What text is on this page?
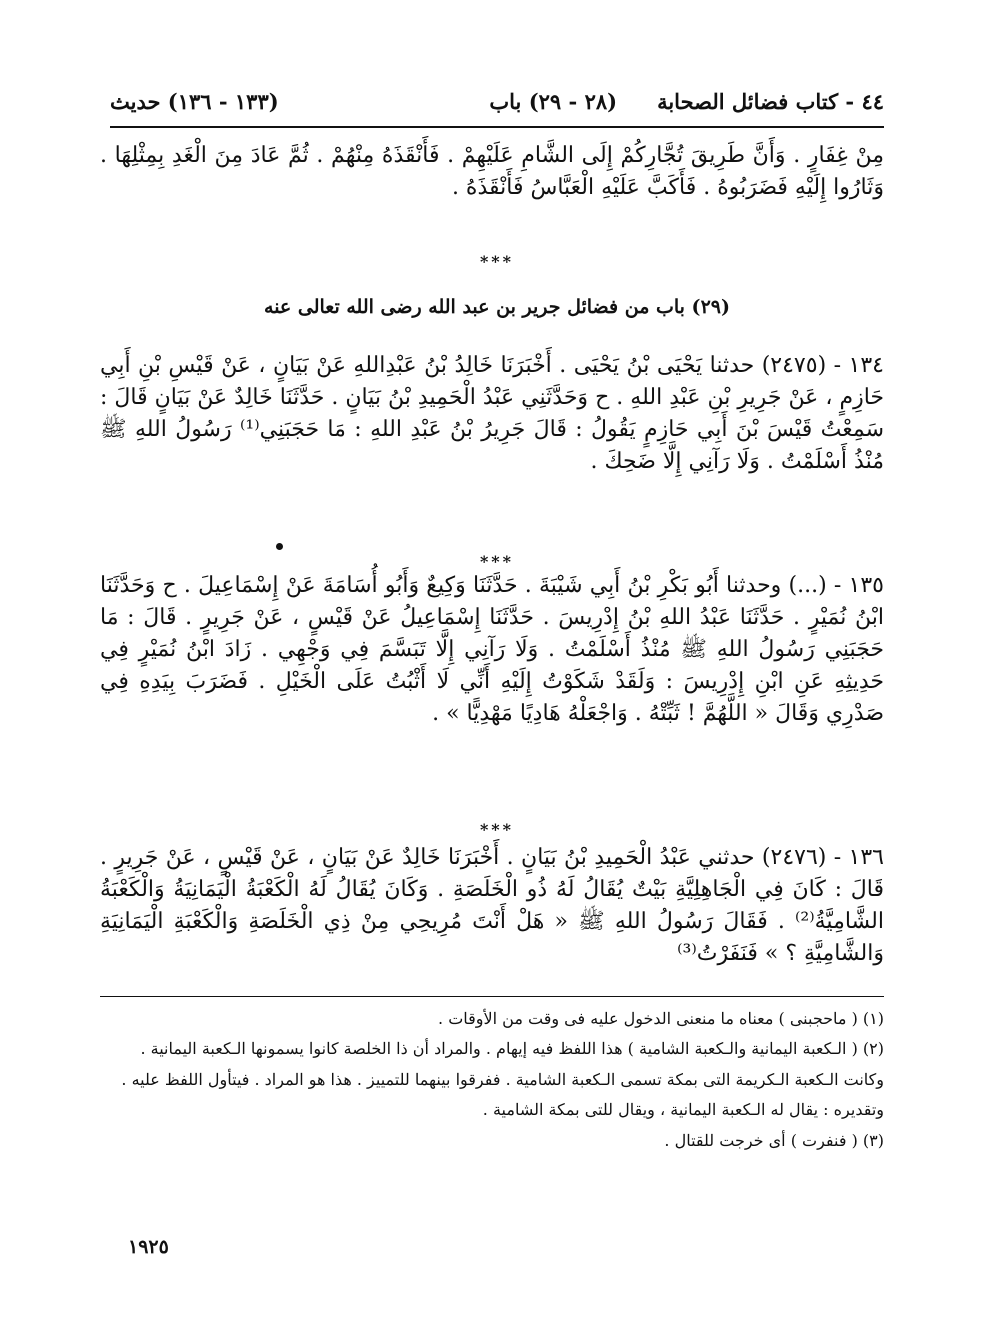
٤٤ - كتاب فضائل الصحابة
(٢٨ - ٢٩) باب
(١٣٣ - ١٣٦) حديث
مِنْ غِفَارٍ . وَأَنَّ طَرِيقَ تُجَّارِكُمْ إِلَى الشَّامِ عَلَيْهِمْ . فَأَنْقَذَهُ مِنْهُمْ . ثُمَّ عَادَ مِنَ الْغَدِ بِمِثْلِهَا . وَثَارُوا إِلَيْهِ فَضَرَبُوهُ . فَأَكَبَّ عَلَيْهِ الْعَبَّاسُ فَأَنْقَذَهُ .
***
(٢٩) باب من فضائل جرير بن عبد الله رضى الله تعالى عنه
١٣٤ - (٢٤٧٥) حدثنا يَحْيَى بْنُ يَحْيَى . أَخْبَرَنَا خَالِدُ بْنُ عَبْدِاللهِ عَنْ بَيَانٍ ، عَنْ قَيْسِ بْنِ أَبِي حَازِمٍ ، عَنْ جَرِيرِ بْنِ عَبْدِ اللهِ . ح وَحَدَّثَنِي عَبْدُ الْحَمِيدِ بْنُ بَيَانٍ . حَدَّثَنَا خَالِدٌ عَنْ بَيَانٍ قَالَ : سَمِعْتُ قَيْسَ بْنَ أَبِي حَازِمٍ يَقُولُ : قَالَ جَرِيرُ بْنُ عَبْدِ اللهِ : مَا حَجَبَنِي⁽¹⁾ رَسُولُ اللهِ ﷺ مُنْذُ أَسْلَمْتُ . وَلَا رَآنِي إِلَّا ضَحِكَ .
***
١٣٥ - (...) وحدثنا أَبُو بَكْرِ بْنُ أَبِي شَيْبَةَ . حَدَّثَنَا وَكِيعٌ وَأَبُو أُسَامَةَ عَنْ إِسْمَاعِيلَ . ح وَحَدَّثَنَا ابْنُ نُمَيْرٍ . حَدَّثَنَا عَبْدُ اللهِ بْنُ إِدْرِيسَ . حَدَّثَنَا إِسْمَاعِيلُ عَنْ قَيْسٍ ، عَنْ جَرِيرٍ . قَالَ : مَا حَجَبَنِي رَسُولُ اللهِ ﷺ مُنْذُ أَسْلَمْتُ . وَلَا رَآنِي إِلَّا تَبَسَّمَ فِي وَجْهِي . زَادَ ابْنُ نُمَيْرٍ فِي حَدِيثِهِ عَنِ ابْنِ إِدْرِيسَ : وَلَقَدْ شَكَوْتُ إِلَيْهِ أَنِّي لَا أَثْبُتُ عَلَى الْخَيْلِ . فَضَرَبَ بِيَدِهِ فِي صَدْرِي وَقَالَ « اللَّهُمَّ ! ثَبِّتْهُ . وَاجْعَلْهُ هَادِيًا مَهْدِيًّا » .
***
١٣٦ - (٢٤٧٦) حدثني عَبْدُ الْحَمِيدِ بْنُ بَيَانٍ . أَخْبَرَنَا خَالِدٌ عَنْ بَيَانٍ ، عَنْ قَيْسٍ ، عَنْ جَرِيرٍ . قَالَ : كَانَ فِي الْجَاهِلِيَّةِ بَيْتٌ يُقَالُ لَهُ ذُو الْخَلَصَةِ . وَكَانَ يُقَالُ لَهُ الْكَعْبَةُ الْيَمَانِيَةُ وَالْكَعْبَةُ الشَّامِيَّةُ⁽²⁾ . فَقَالَ رَسُولُ اللهِ ﷺ « هَلْ أَنْتَ مُرِيحِي مِنْ ذِي الْخَلَصَةِ وَالْكَعْبَةِ الْيَمَانِيَةِ وَالشَّامِيَّةِ ؟ » فَنَفَرْتُ⁽³⁾

(١) ( ماحجبنى ) معناه ما منعنى الدخول عليه فى وقت من الأوقات .

(٢) ( الـكعبة اليمانية والـكعبة الشامية ) هذا اللفظ فيه إيهام . والمراد أن ذا الخلصة كانوا يسمونها الـكعبة اليمانية . وكانت الـكعبة الـكريمة التى بمكة تسمى الـكعبة الشامية . ففرقوا بينهما للتمييز . هذا هو المراد . فيتأول اللفظ عليه . وتقديره : يقال له الـكعبة اليمانية ، ويقال للتى بمكة الشامية .

(٣) ( فنفرت ) أى خرجت للقتال .

١٩٢٥
